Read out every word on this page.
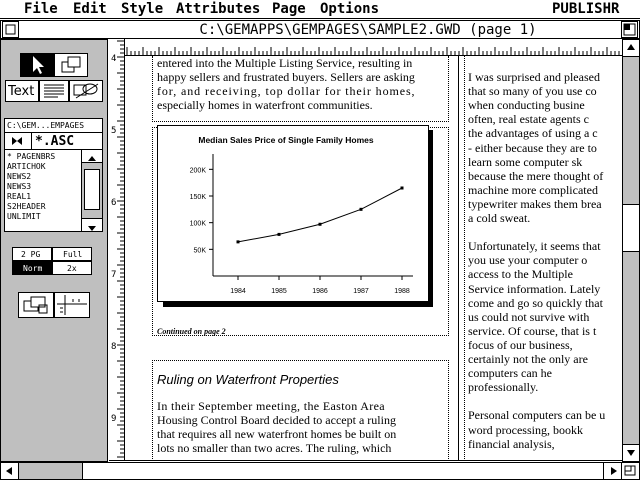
File Edit Style Attributes Page Options	PUBLISHR
C:\GEMAPPS\GEMPAGES\SAMPLE2.GWD (page 1)
Text
C:\GEM...EMPAGES
*.ASC
* PAGENBRS
ARTICHOK
NEWS2
NEWS3
REAL1
S2HEADER
UNLIMIT
2 PG	Full
Norm	2x
4
5
6
7
8
9
entered into the Multiple Listing Service, resulting in
happy sellers and frustrated buyers. Sellers are asking
for, and receiving, top dollar for their homes,
especially homes in waterfront communities.
Median Sales Price of Single Family Homes
200K
150K
100K
50K
1984	1985	1986	1987	1988
Continued on page 2
Ruling on Waterfront Properties
In their September meeting, the Easton Area
Housing Control Board decided to accept a ruling
that requires all new waterfront homes be built on
lots no smaller than two acres. The ruling, which
I was surprised and pleased
that so many of you use co
when conducting busine
often, real estate agents c
the advantages of using a c
- either because they are to
learn some computer sk
because the mere thought of
machine more complicated
typewriter makes them brea
a cold sweat.
Unfortunately, it seems that
you use your computer o
access to the Multiple
Service information. Lately
come and go so quickly that
us could not survive with
service. Of course, that is t
focus of our business,
certainly not the only are
computers can he
professionally.
Personal computers can be u
word processing, bookk
financial analysis,
